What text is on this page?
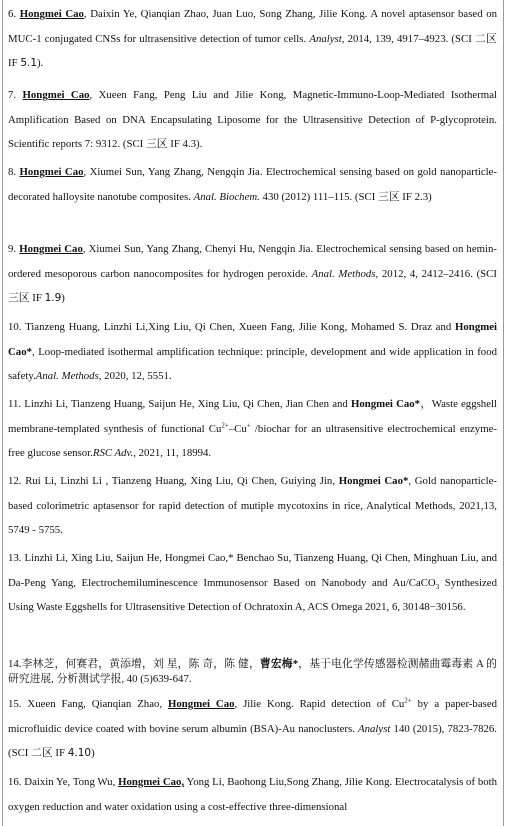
6. Hongmei Cao, Daixin Ye, Qianqian Zhao, Juan Luo, Song Zhang, Jilie Kong. A novel aptasensor based on MUC-1 conjugated CNSs for ultrasensitive detection of tumor cells. Analyst, 2014, 139, 4917–4923. (SCI 二区 IF 5.1).
7. Hongmei Cao, Xueen Fang, Peng Liu and Jilie Kong, Magnetic-Immuno-Loop-Mediated Isothermal Amplification Based on DNA Encapsulating Liposome for the Ultrasensitive Detection of P-glycoprotein. Scientific reports 7: 9312. (SCI 三区 IF 4.3).
8. Hongmei Cao, Xiumei Sun, Yang Zhang, Nengqin Jia. Electrochemical sensing based on gold nanoparticle-decorated halloysite nanotube composites. Anal. Biochem. 430 (2012) 111–115. (SCI 三区 IF 2.3)
9. Hongmei Cao, Xiumei Sun, Yang Zhang, Chenyi Hu, Nengqin Jia. Electrochemical sensing based on hemin-ordered mesoporous carbon nanocomposites for hydrogen peroxide. Anal. Methods, 2012, 4, 2412–2416. (SCI 三区 IF 1.9)
10. Tianzeng Huang, Linzhi Li,Xing Liu, Qi Chen, Xueen Fang, Jilie Kong, Mohamed S. Draz and Hongmei Cao*, Loop-mediated isothermal amplification technique: principle, development and wide application in food safety.Anal. Methods, 2020, 12, 5551.
11. Linzhi Li, Tianzeng Huang, Saijun He, Xing Liu, Qi Chen, Jian Chen and Hongmei Cao*，Waste eggshell membrane-templated synthesis of functional $Cu^{2+}-Cu^+$ /biochar for an ultrasensitive electrochemical enzyme-free glucose sensor.RSC Adv., 2021, 11, 18994.
12. Rui Li, Linzhi Li , Tianzeng Huang, Xing Liu, Qi Chen, Guiying Jin, Hongmei Cao*, Gold nanoparticle-based colorimetric aptasensor for rapid detection of mutiple mycotoxins in rice, Analytical Methods, 2021,13, 5749 - 5755.
13. Linzhi Li, Xing Liu, Saijun He, Hongmei Cao,* Benchao Su, Tianzeng Huang, Qi Chen, Minghuan Liu, and Da-Peng Yang, Electrochemiluminescence Immunosensor Based on Nanobody and Au/CaCO$_3$ Synthesized Using Waste Eggshells for Ultrasensitive Detection of Ochratoxin A, ACS Omega 2021, 6, 30148−30156.
14.李林芝，何赛君，黄添增，刘 星，陈 奇，陈 健，曹宏梅*，基于电化学传感器检测赭曲霉毒素 A 的研究进展, 分析测试学报, 40 (5)639-647.
15. Xueen Fang, Qianqian Zhao, Hongmei Cao, Jilie Kong. Rapid detection of $Cu^{2+}$ by a paper-based microfluidic device coated with bovine serum albumin (BSA)-Au nanoclusters. Analyst 140 (2015), 7823-7826. (SCI 二区 IF 4.10)
16. Daixin Ye, Tong Wu, Hongmei Cao, Yong Li, Baohong Liu,Song Zhang, Jilie Kong. Electrocatalysis of both oxygen reduction and water oxidation using a cost-effective three-dimensional
